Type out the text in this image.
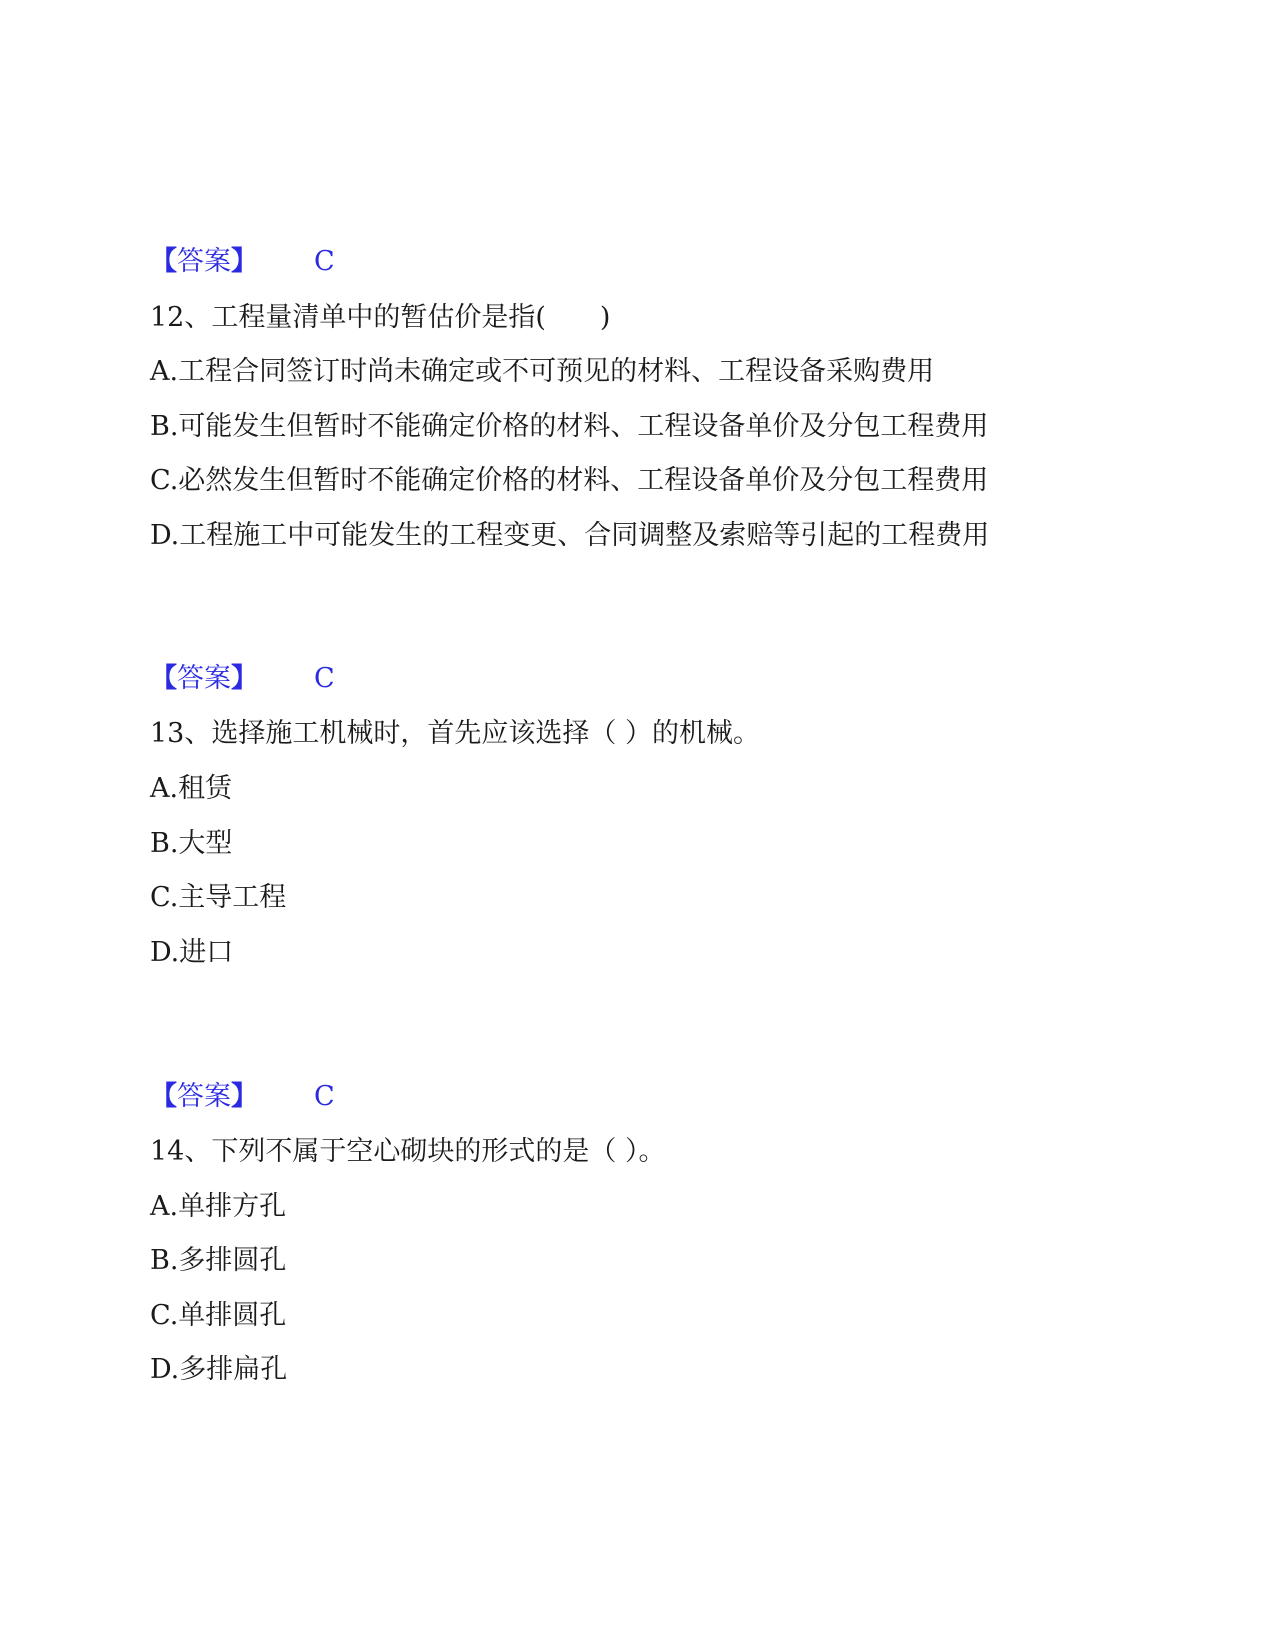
【答案】 C
12、工程量清单中的暂估价是指(　　)
A.工程合同签订时尚未确定或不可预见的材料、工程设备采购费用
B.可能发生但暂时不能确定价格的材料、工程设备单价及分包工程费用
C.必然发生但暂时不能确定价格的材料、工程设备单价及分包工程费用
D.工程施工中可能发生的工程变更、合同调整及索赔等引起的工程费用
【答案】 C
13、选择施工机械时，首先应该选择（ ）的机械。
A.租赁
B.大型
C.主导工程
D.进口
【答案】 C
14、下列不属于空心砌块的形式的是（ ）。
A.单排方孔
B.多排圆孔
C.单排圆孔
D.多排扁孔
